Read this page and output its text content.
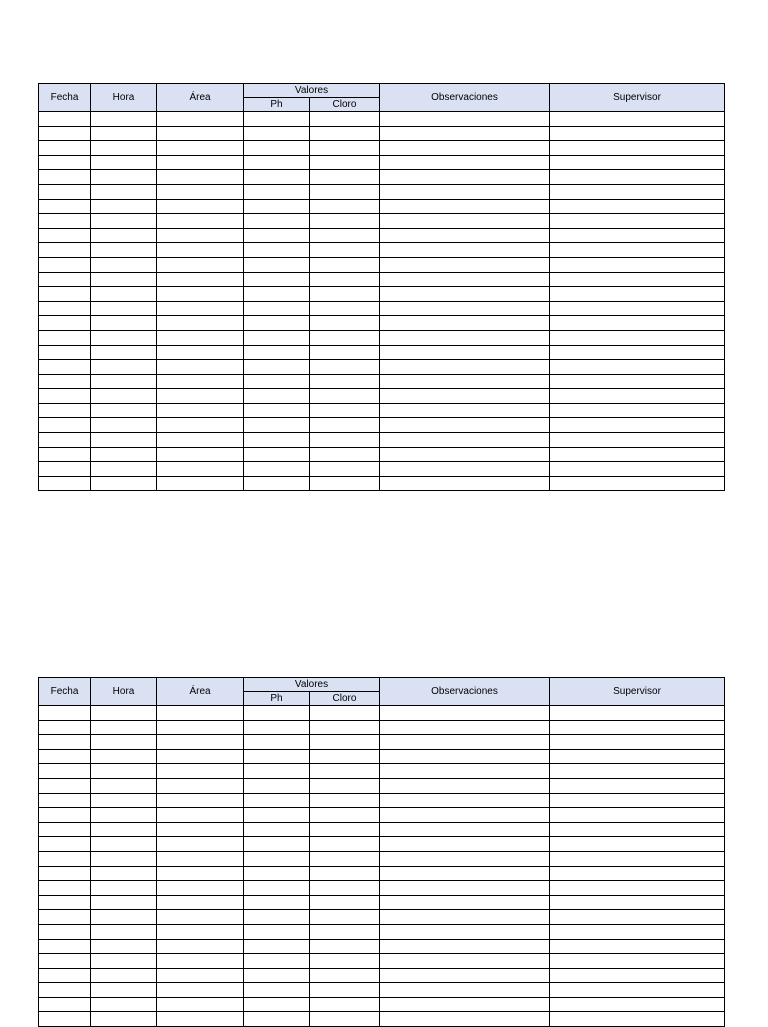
Fecha	Hora	Área	Valores		Observaciones	Supervisor
			Ph	Cloro		

Fecha	Hora	Área	Valores		Observaciones	Supervisor
			Ph	Cloro		
